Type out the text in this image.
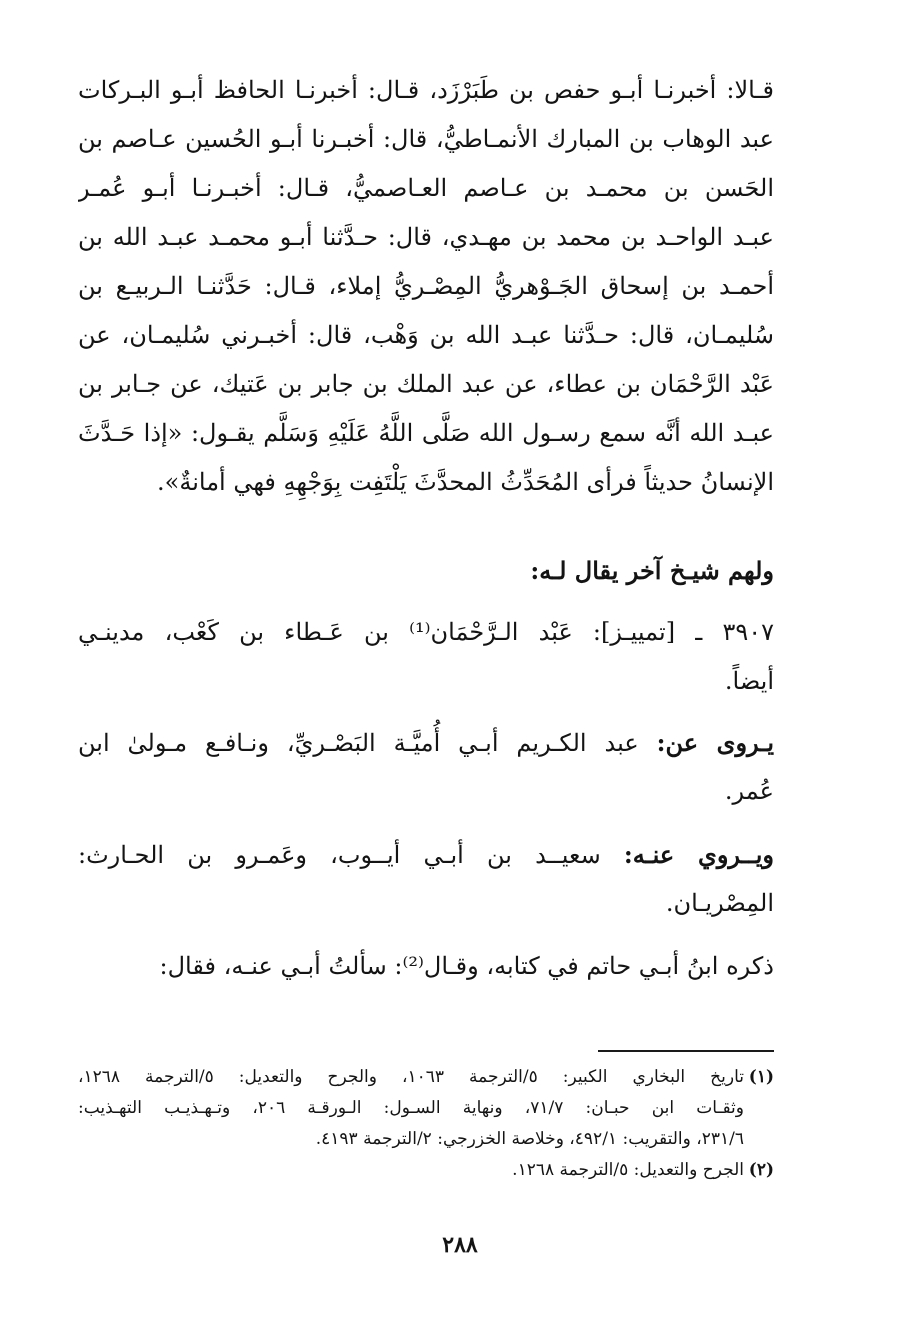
قـالا: أخبرنـا أبـو حفص بن طَبَرْزَد، قـال: أخبرنـا الحافظ أبـو البـركات
عبد الوهاب بن المبارك الأنمـاطيُّ، قال: أخبـرنا أبـو الحُسين عـاصم بن
الحَسن بن محمـد بن عـاصم العـاصميُّ، قـال: أخبـرنـا أبـو عُمـر
عبـد الواحـد بن محمد بن مهـدي، قال: حـدَّثنا أبـو محمـد عبـد الله بن
أحمـد بن إسحاق الجَـوْهريُّ المِصْـريُّ إملاء، قـال: حَدَّثنـا الـربيـع بن
سُليمـان، قال: حـدَّثنا عبـد الله بن وَهْب، قال: أخبـرني سُليمـان، عن
عَبْد الرَّحْمَان بن عطاء، عن عبد الملك بن جابر بن عَتيك، عن جـابر بن
عبـد الله أنَّه سمع رسـول الله صَلَّى اللَّهُ عَلَيْهِ وَسَلَّم يقـول: «إذا حَـدَّثَ
الإنسانُ حديثاً فرأى المُحَدِّثُ المحدَّثَ يَلْتَفِت بِوَجْهِهِ فهي أمانةٌ».
ولهم شيـخ آخر يقال لـه:
٣٩٠٧ ـ [تمييـز]: عَبْد الـرَّحْمَان⁽¹⁾ بن عَـطاء بن كَعْب، مدينـي
أيضاً.
يـروى عن: عبد الكـريم أبـي أُميَّـة البَصْـريِّ، ونـافـع مـولىٰ ابن
عُمر.
ويــروي عنـه: سعيــد بن أبـي أيــوب، وعَمـرو بن الحـارث:
المِصْريـان.
ذكره ابنُ أبـي حاتم في كتابه، وقـال⁽²⁾: سألتُ أبـي عنـه، فقال:
(١)تاريخ البخاري الكبير: ٥/الترجمة ١٠٦٣، والجرح والتعديل: ٥/الترجمة ١٢٦٨،
وثقـات ابن حبـان: ٧١/٧، ونهاية السـول: الـورقـة ٢٠٦، وتـهـذيـب التهـذيب:
٢٣١/٦، والتقريب: ٤٩٢/١، وخلاصة الخزرجي: ٢/الترجمة ٤١٩٣.
(٢)الجرح والتعديل: ٥/الترجمة ١٢٦٨.
٢٨٨
